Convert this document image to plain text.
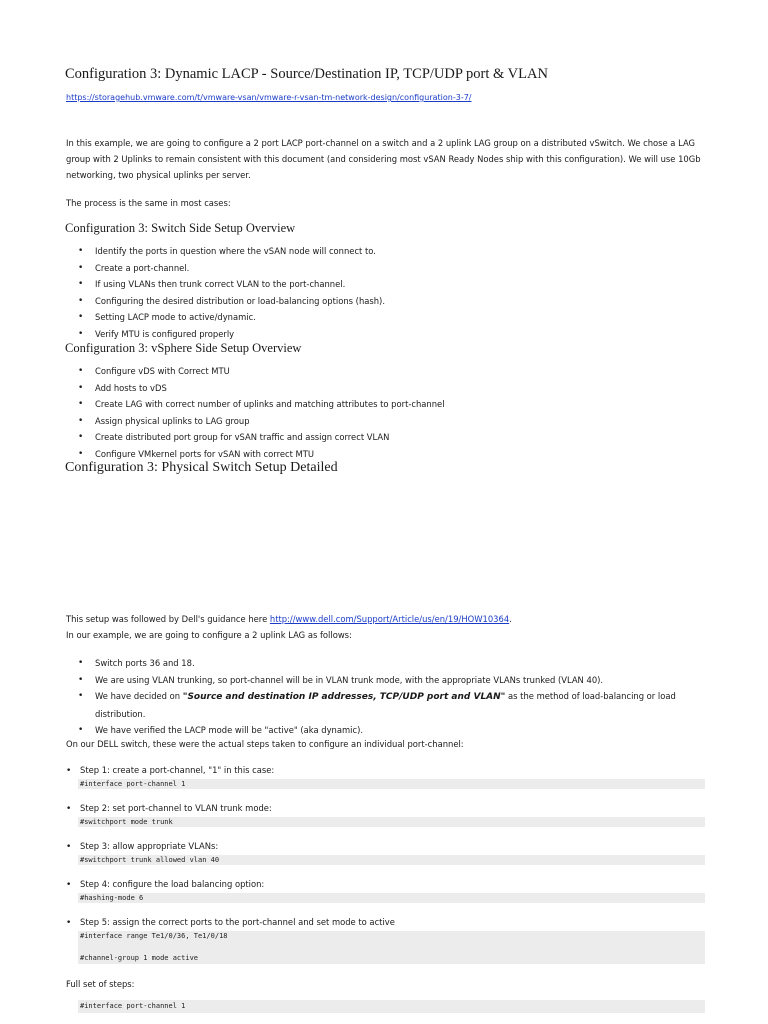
Configuration 3: Dynamic LACP - Source/Destination IP, TCP/UDP port & VLAN
https://storagehub.vmware.com/t/vmware-vsan/vmware-r-vsan-tm-network-design/configuration-3-7/
In this example, we are going to configure a 2 port LACP port-channel on a switch and a 2 uplink LAG group on a distributed vSwitch. We chose a LAG group with 2 Uplinks to remain consistent with this document (and considering most vSAN Ready Nodes ship with this configuration). We will use 10Gb networking, two physical uplinks per server.
The process is the same in most cases:
Configuration 3: Switch Side Setup Overview
• Identify the ports in question where the vSAN node will connect to.
• Create a port-channel.
• If using VLANs then trunk correct VLAN to the port-channel.
• Configuring the desired distribution or load-balancing options (hash).
• Setting LACP mode to active/dynamic.
• Verify MTU is configured properly
Configuration 3: vSphere Side Setup Overview
• Configure vDS with Correct MTU
• Add hosts to vDS
• Create LAG with correct number of uplinks and matching attributes to port-channel
• Assign physical uplinks to LAG group
• Create distributed port group for vSAN traffic and assign correct VLAN
• Configure VMkernel ports for vSAN with correct MTU
Configuration 3: Physical Switch Setup Detailed
This setup was followed by Dell's guidance here http://www.dell.com/Support/Article/us/en/19/HOW10364.
In our example, we are going to configure a 2 uplink LAG as follows:
• Switch ports 36 and 18.
• We are using VLAN trunking, so port-channel will be in VLAN trunk mode, with the appropriate VLANs trunked (VLAN 40).
• We have decided on "Source and destination IP addresses, TCP/UDP port and VLAN" as the method of load-balancing or load distribution.
• We have verified the LACP mode will be "active" (aka dynamic).
On our DELL switch, these were the actual steps taken to configure an individual port-channel:
• Step 1: create a port-channel, "1" in this case:
#interface port-channel 1
• Step 2: set port-channel to VLAN trunk mode:
#switchport mode trunk
• Step 3: allow appropriate VLANs:
#switchport trunk allowed vlan 40
• Step 4: configure the load balancing option:
#hashing-mode 6
• Step 5: assign the correct ports to the port-channel and set mode to active
#interface range Te1/0/36, Te1/0/18
#channel-group 1 mode active
Full set of steps:
#interface port-channel 1
